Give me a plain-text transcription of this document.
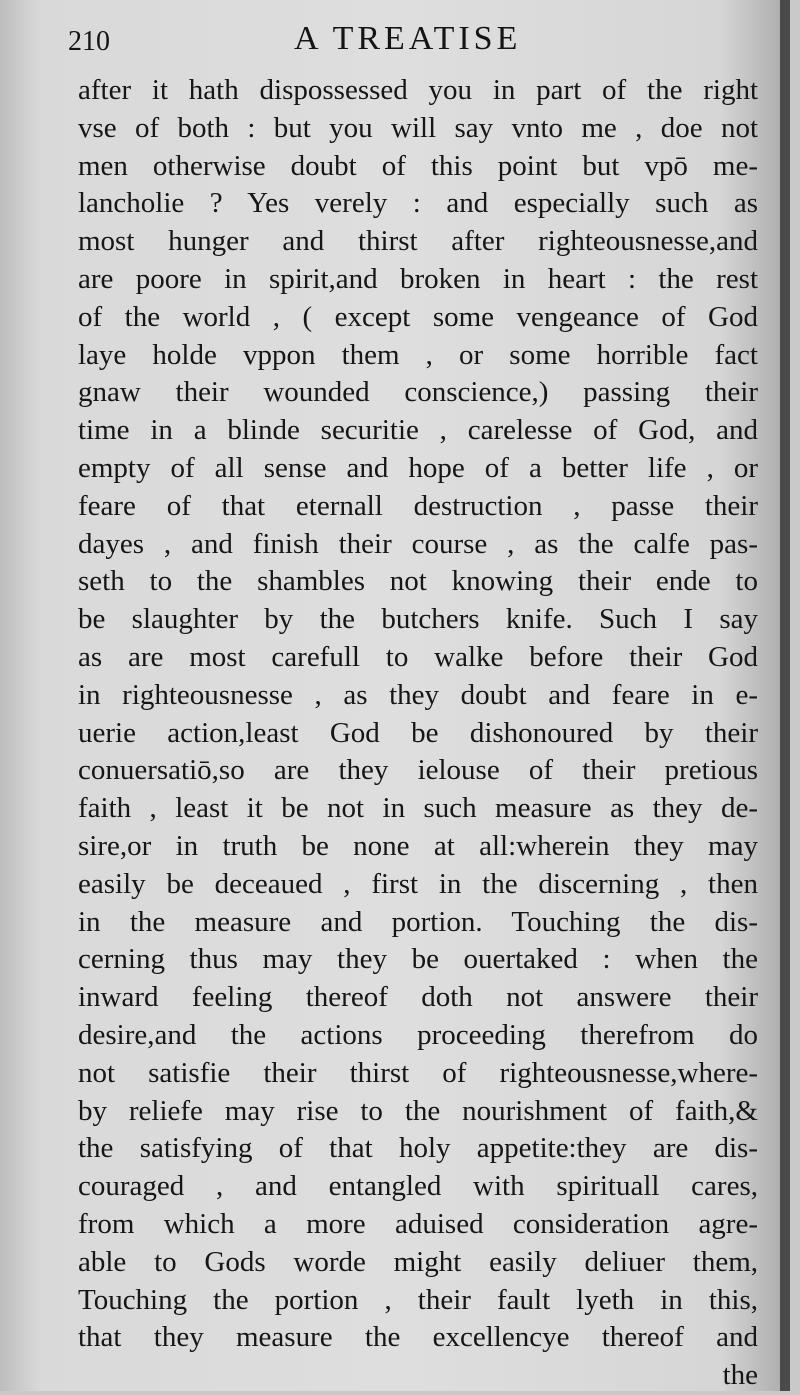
210	A TREATISE
after it hath dispossessed you in part of the right
vse of both : but you will say vnto me , doe not
men otherwise doubt of this point but vpō me-
lancholie ? Yes verely : and especially such as
most hunger and thirst after righteousnesse,and
are poore in spirit,and broken in heart : the rest
of the world , ( except some vengeance of God
laye holde vppon them , or some horrible fact
gnaw their wounded conscience,) passing their
time in a blinde securitie , carelesse of God, and
empty of all sense and hope of a better life , or
feare of that eternall destruction , passe their
dayes , and finish their course , as the calfe pas-
seth to the shambles not knowing their ende to
be slaughter by the butchers knife. Such I say
as are most carefull to walke before their God
in righteousnesse , as they doubt and feare in e-
uerie action,least God be dishonoured by their
conuersatiō,so are they ielouse of their pretious
faith , least it be not in such measure as they de-
sire,or in truth be none at all:wherein they may
easily be deceaued , first in the discerning , then
in the measure and portion. Touching the dis-
cerning thus may they be ouertaked : when the
inward feeling thereof doth not answere their
desire,and the actions proceeding therefrom do
not satisfie their thirst of righteousnesse,where-
by reliefe may rise to the nourishment of faith,&
the satisfying of that holy appetite:they are dis-
couraged , and entangled with spirituall cares,
from which a more aduised consideration agre-
able to Gods worde might easily deliuer them,
Touching the portion , their fault lyeth in this,
that they measure the excellencye thereof and
the
